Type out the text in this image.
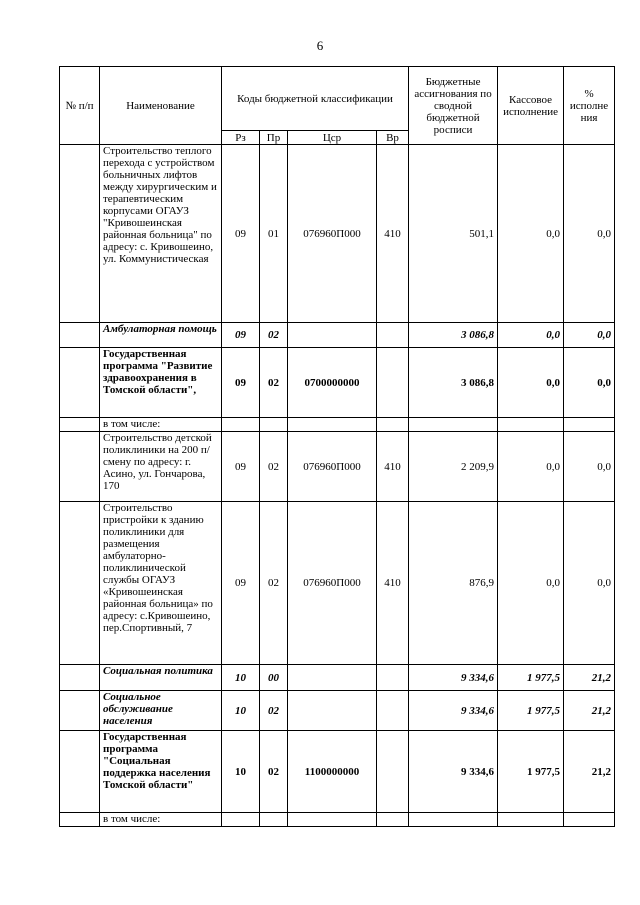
6
№ п/п	Наименование	Коды бюджетной классификации				Бюджетные ассигнования по сводной бюджетной росписи	Кассовое исполнение	% исполне ния
		Рз	Пр	Цср	Вр			
	Строительство теплого перехода с устройством больничных лифтов между хирургическим и терапевтическим корпусами ОГАУЗ "Кривошеинская районная больница" по адресу: с. Кривошеино, ул. Коммунистическая	09	01	076960П000	410	501,1	0,0	0,0
	Амбулаторная помощь	09	02			3 086,8	0,0	0,0
	Государственная программа "Развитие здравоохранения в Томской области",	09	02	0700000000		3 086,8	0,0	0,0
	в том числе:							
	Строительство детской поликлиники на 200 п/смену по адресу: г. Асино, ул. Гончарова, 170	09	02	076960П000	410	2 209,9	0,0	0,0
	Строительство пристройки к зданию поликлиники для размещения амбулаторно-поликлинической службы ОГАУЗ «Кривошеинская районная больница» по адресу: с.Кривошеино, пер.Спортивный, 7	09	02	076960П000	410	876,9	0,0	0,0
	Социальная политика	10	00			9 334,6	1 977,5	21,2
	Социальное обслуживание населения	10	02			9 334,6	1 977,5	21,2
	Государственная программа "Социальная поддержка населения Томской области"	10	02	1100000000		9 334,6	1 977,5	21,2
	в том числе:							
